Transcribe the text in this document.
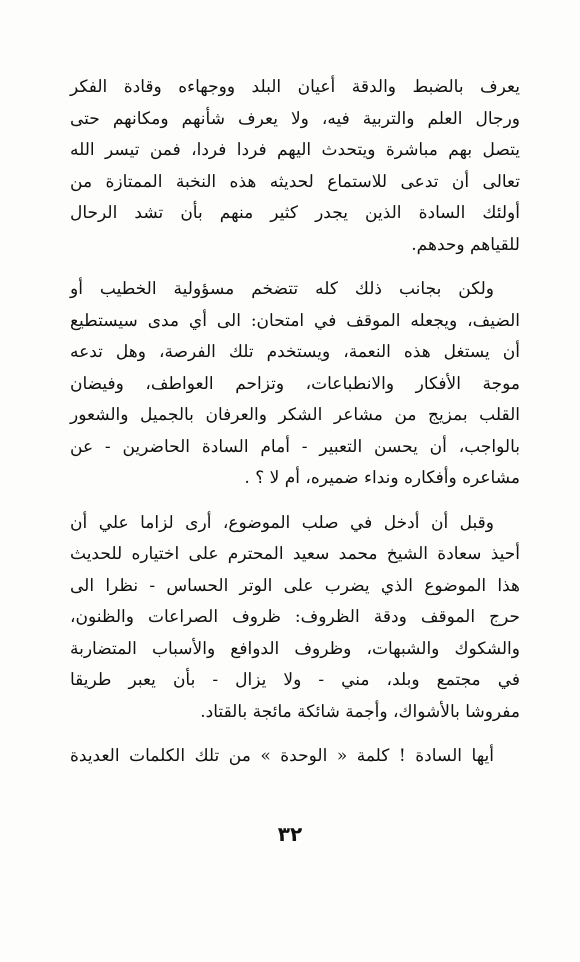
يعرف بالضبط والدقة أعيان البلد ووجهاءه وقادة الفكر
ورجال العلم والتربية فيه، ولا يعرف شأنهم ومكانهم حتى
يتصل بهم مباشرة ويتحدث اليهم فردا فردا، فمن تيسر الله
تعالى أن تدعى للاستماع لحديثه هذه النخبة الممتازة من
أولئك السادة الذين يجدر كثير منهم بأن تشد الرحال
للقياهم وحدهم.

ولكن بجانب ذلك كله تتضخم مسؤولية الخطيب أو
الضيف، ويجعله الموقف في امتحان: الى أي مدى سيستطيع
أن يستغل هذه النعمة، ويستخدم تلك الفرصة، وهل تدعه
موجة الأفكار والانطباعات، وتزاحم العواطف، وفيضان
القلب بمزيج من مشاعر الشكر والعرفان بالجميل والشعور
بالواجب، أن يحسن التعبير - أمام السادة الحاضرين - عن
مشاعره وأفكاره ونداء ضميره، أم لا ؟ .

وقبل أن أدخل في صلب الموضوع، أرى لزاما علي أن
أحيذ سعادة الشيخ محمد سعيد المحترم على اختياره للحديث
هذا الموضوع الذي يضرب على الوتر الحساس - نظرا الى
حرج الموقف ودقة الظروف: ظروف الصراعات والظنون،
والشكوك والشبهات، وظروف الدوافع والأسباب المتضاربة
في مجتمع وبلد، مني - ولا يزال - بأن يعبر طريقا
مفروشا بالأشواك، وأجمة شائكة مائجة بالقتاد.

أيها السادة ! كلمة « الوحدة » من تلك الكلمات العديدة

٣٢
